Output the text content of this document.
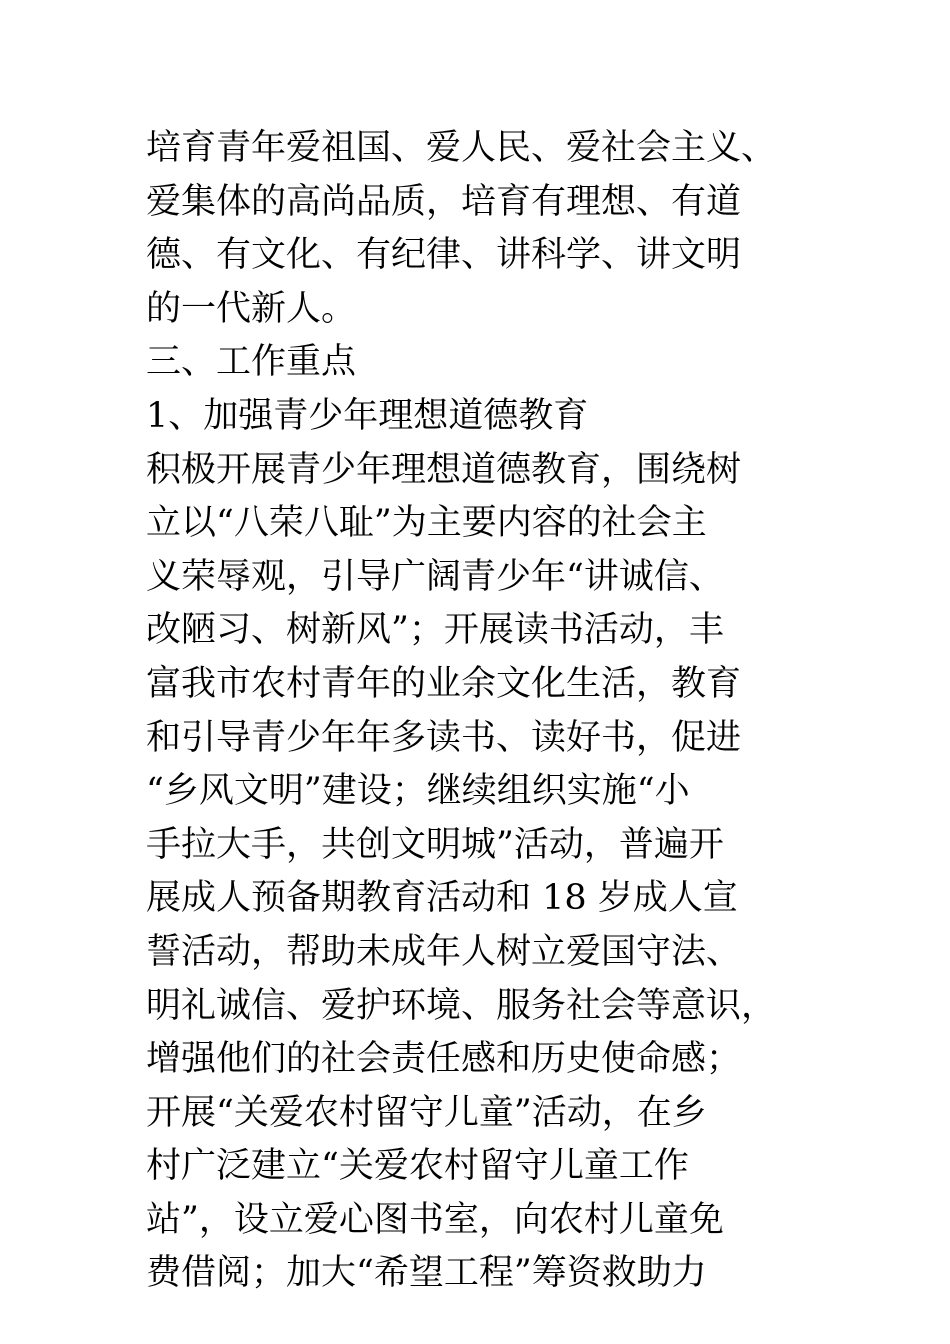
培育青年爱祖国、爱人民、爱社会主义、
爱集体的高尚品质，培育有理想、有道
德、有文化、有纪律、讲科学、讲文明
的一代新人。
三、工作重点
1、加强青少年理想道德教育
积极开展青少年理想道德教育，围绕树
立以“八荣八耻”为主要内容的社会主
义荣辱观，引导广阔青少年“讲诚信、
改陋习、树新风”；开展读书活动，丰
富我市农村青年的业余文化生活，教育
和引导青少年年多读书、读好书，促进
“乡风文明”建设；继续组织实施“小
手拉大手，共创文明城”活动，普遍开
展成人预备期教育活动和 18 岁成人宣
誓活动，帮助未成年人树立爱国守法、
明礼诚信、爱护环境、服务社会等意识，
增强他们的社会责任感和历史使命感；
开展“关爱农村留守儿童”活动，在乡
村广泛建立“关爱农村留守儿童工作
站”，设立爱心图书室，向农村儿童免
费借阅；加大“希望工程”筹资救助力
